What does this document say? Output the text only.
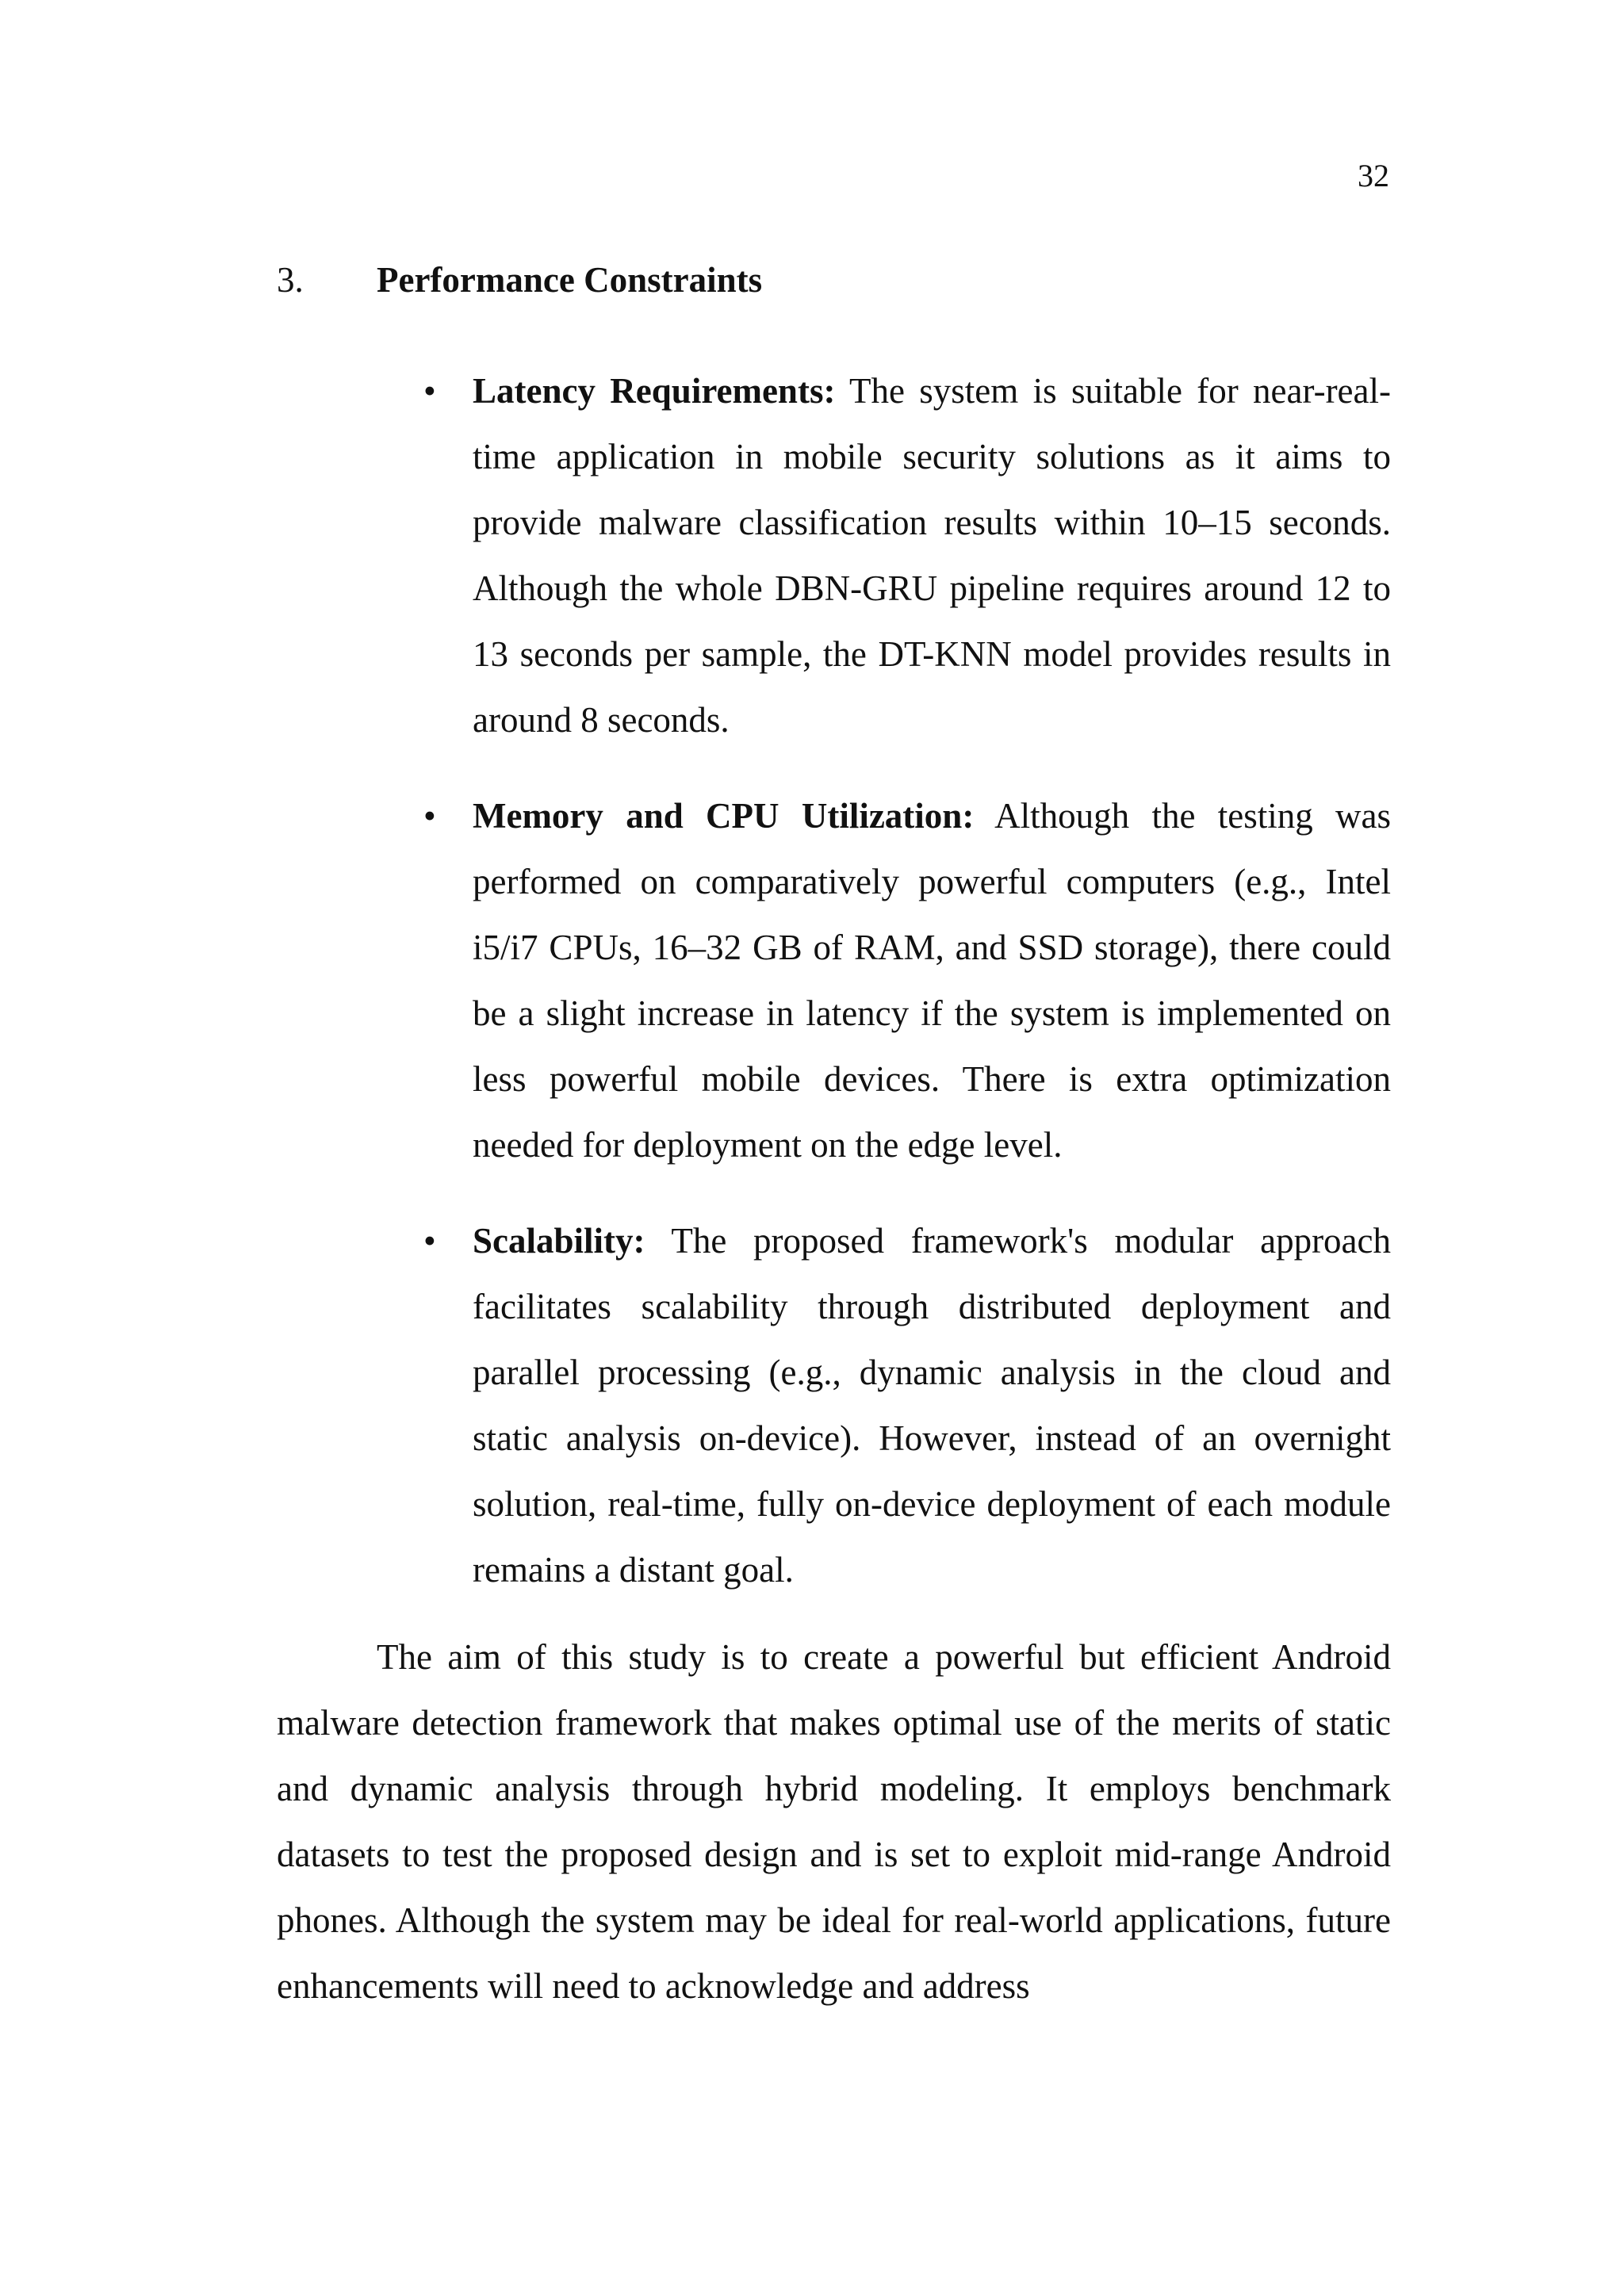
32
3. Performance Constraints
• Latency Requirements: The system is suitable for near-real-time application in mobile security solutions as it aims to provide malware classification results within 10–15 seconds. Although the whole DBN-GRU pipeline requires around 12 to 13 seconds per sample, the DT-KNN model provides results in around 8 seconds.
• Memory and CPU Utilization: Although the testing was performed on comparatively powerful computers (e.g., Intel i5/i7 CPUs, 16–32 GB of RAM, and SSD storage), there could be a slight increase in latency if the system is implemented on less powerful mobile devices. There is extra optimization needed for deployment on the edge level.
• Scalability: The proposed framework's modular approach facilitates scalability through distributed deployment and parallel processing (e.g., dynamic analysis in the cloud and static analysis on-device). However, instead of an overnight solution, real-time, fully on-device deployment of each module remains a distant goal.

The aim of this study is to create a powerful but efficient Android malware detection framework that makes optimal use of the merits of static and dynamic analysis through hybrid modeling. It employs benchmark datasets to test the proposed design and is set to exploit mid-range Android phones. Although the system may be ideal for real-world applications, future enhancements will need to acknowledge and address
